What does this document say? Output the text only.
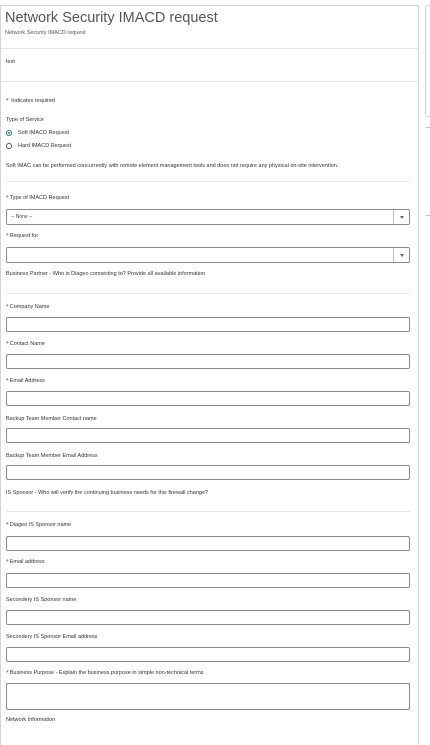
Network Security IMACD request
Network Security IMACD request
test
* Indicates required
Type of Service
Soft IMACD Request
Hard IMACD Request
Soft IMAC can be performed concurrently with remote element management tools and does not require any physical on-site intervention.
*Type of IMACD Request
-- None --
*Request for
Business Partner - Who is Diageo connecting to? Provide all available information
*Company Name
*Contact Name
*Email Address
Backup Team Member Contact name
Backup Team Member Email Address
IS Sponsor - Who will verify the continuing business needs for this firewall change?
*Diageo IS Sponsor name
*Email address
Secondery IS Sponsor name
Secondery IS Sponsor Email address
*Business Purpose - Explain the business purpose in simple non-technical terms
Network Information
